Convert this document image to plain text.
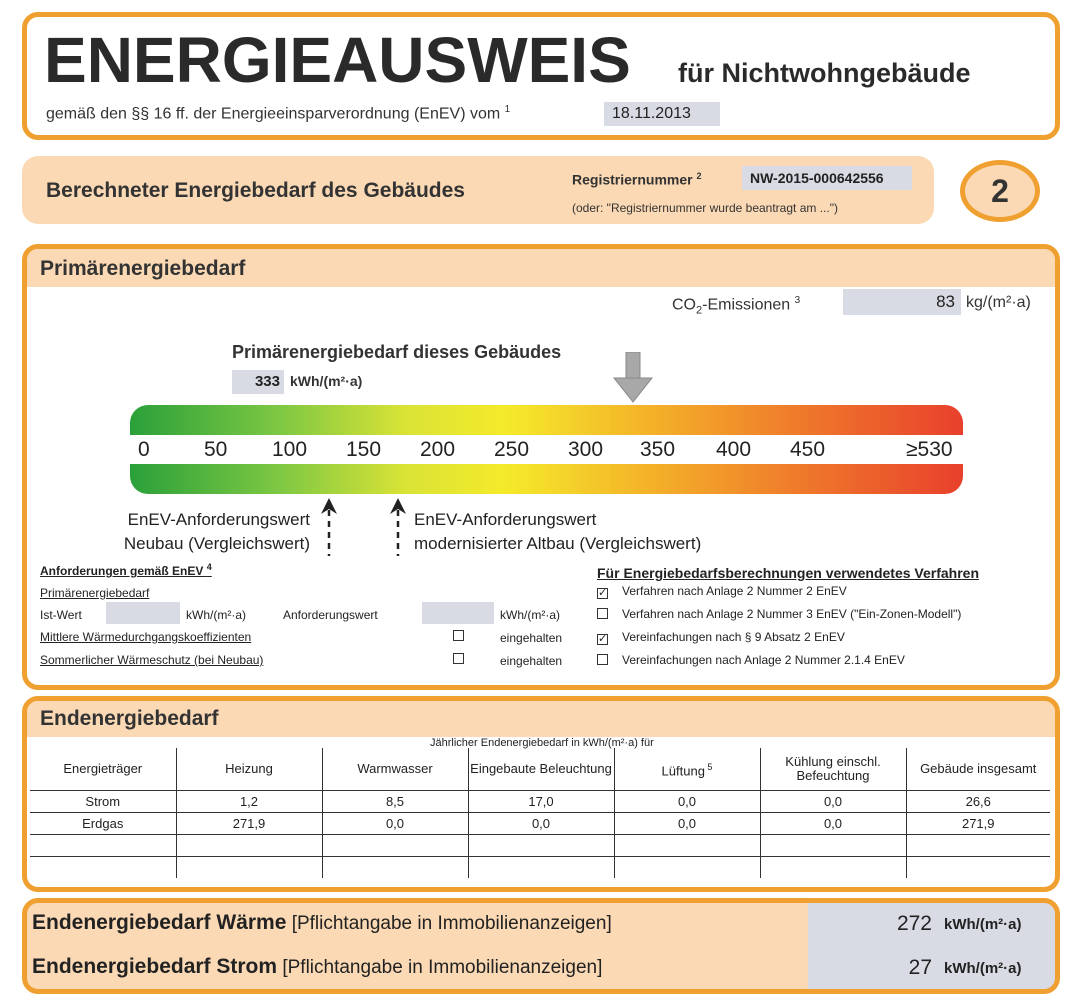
ENERGIEAUSWEIS für Nichtwohngebäude
gemäß den §§ 16 ff. der Energieeinsparverordnung (EnEV) vom $^1$	18.11.2013
Berechneter Energiebedarf des Gebäudes	Registriernummer $^2$	NW-2015-000642556
(oder: "Registriernummer wurde beantragt am ...")	2
Primärenergiebedarf
$CO_2$-Emissionen $^3$	83 kg/(m²·a)
Primärenergiebedarf dieses Gebäudes
333 kWh/(m²·a)
0	50 100 150 200 250 300 350 400 450	≥530
EnEV-Anforderungswert
Neubau (Vergleichswert)
EnEV-Anforderungswert
modernisierter Altbau (Vergleichswert)
Anforderungen gemäß EnEV $^4$
Primärenergiebedarf
Ist-Wert	kWh/(m²·a)	Anforderungswert	kWh/(m²·a)
Mittlere Wärmedurchgangskoeffizienten	eingehalten
Sommerlicher Wärmeschutz (bei Neubau)	eingehalten
Für Energiebedarfsberechnungen verwendetes Verfahren
✓ Verfahren nach Anlage 2 Nummer 2 EnEV
Verfahren nach Anlage 2 Nummer 3 EnEV ("Ein-Zonen-Modell")
✓ Vereinfachungen nach § 9 Absatz 2 EnEV
Vereinfachungen nach Anlage 2 Nummer 2.1.4 EnEV
Endenergiebedarf
Jährlicher Endenergiebedarf in kWh/(m²·a) für
Energieträger	Heizung	Warmwasser	Eingebaute Beleuchtung	Lüftung $^5$	Kühlung einschl. Befeuchtung	Gebäude insgesamt
Strom	1,2	8,5	17,0	0,0	0,0	26,6
Erdgas	271,9	0,0	0,0	0,0	0,0	271,9

Endenergiebedarf Wärme [Pflichtangabe in Immobilienanzeigen]	272 kWh/(m²·a)
Endenergiebedarf Strom [Pflichtangabe in Immobilienanzeigen]	27 kWh/(m²·a)
